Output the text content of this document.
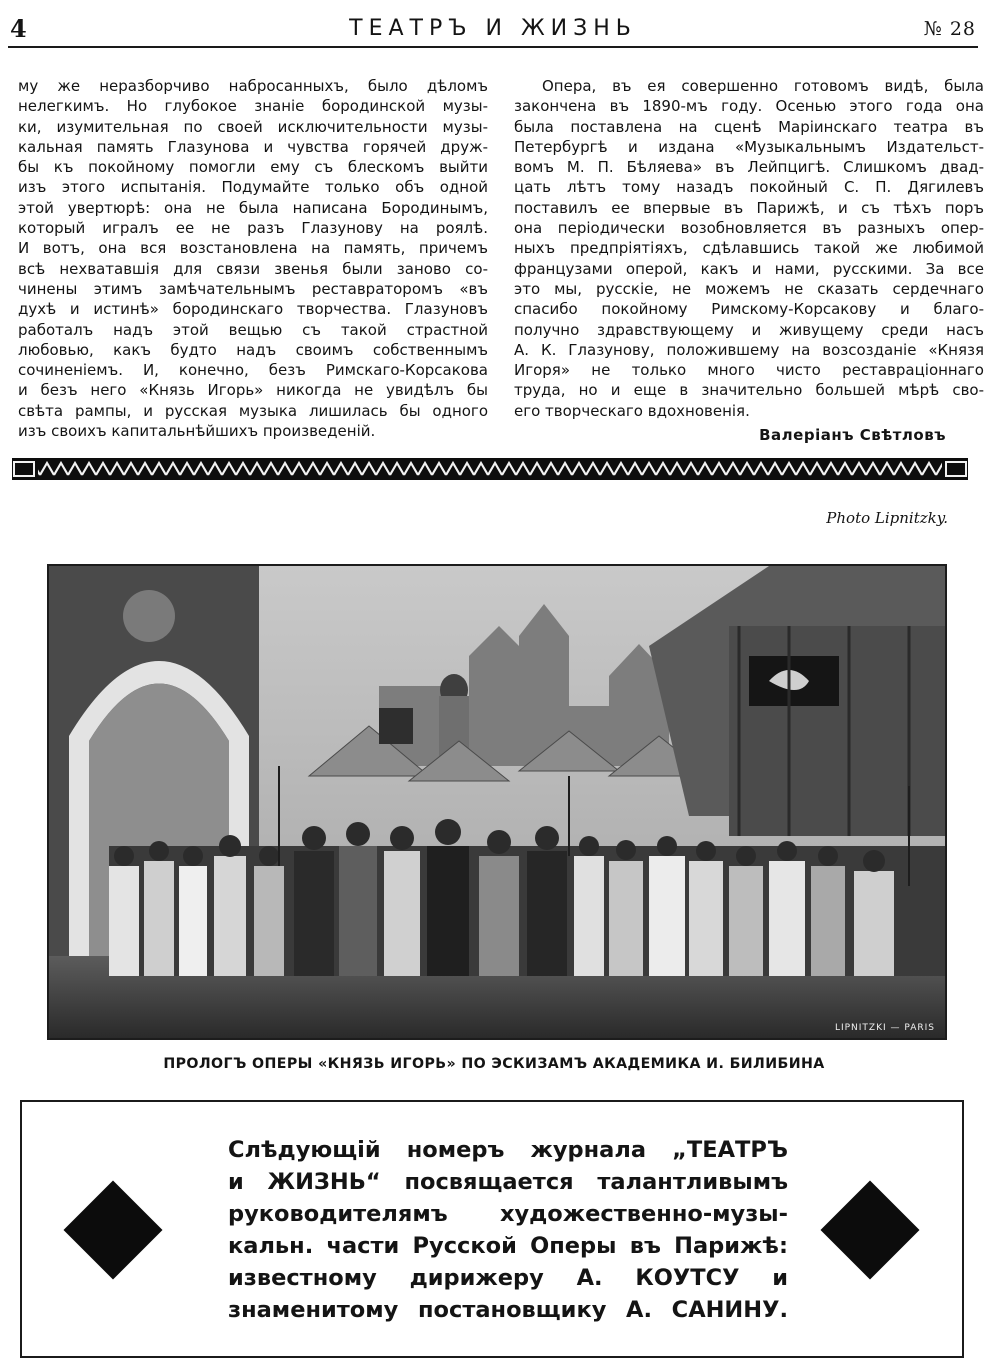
4	ТЕАТРЪ И ЖИЗНЬ	№ 28
му же неразборчиво набросанныхъ, было дѣломъ
нелегкимъ. Но глубокое знаніе бородинской музы-
ки, изумительная по своей исключительности музы-
кальная память Глазунова и чувства горячей друж-
бы къ покойному помогли ему съ блескомъ выйти
изъ этого испытанія. Подумайте только объ одной
этой увертюрѣ: она не была написана Бородинымъ,
который игралъ ее не разъ Глазунову на роялѣ.
И вотъ, она вся возстановлена на память, причемъ
всѣ нехватавшія для связи звенья были заново со-
чинены этимъ замѣчательнымъ реставраторомъ «въ
духѣ и истинѣ» бородинскаго творчества. Глазуновъ
работалъ надъ этой вещью съ такой страстной
любовью, какъ будто надъ своимъ собственнымъ
сочиненіемъ. И, конечно, безъ Римскаго-Корсакова
и безъ него «Князь Игорь» никогда не увидѣлъ бы
свѣта рампы, и русская музыка лишилась бы одного
изъ своихъ капитальнѣйшихъ произведеній.
Опера, въ ея совершенно готовомъ видѣ, была
закончена въ 1890-мъ году. Осенью этого года она
была поставлена на сценѣ Маріинскаго театра въ
Петербургѣ и издана «Музыкальнымъ Издательст-
вомъ М. П. Бѣляева» въ Лейпцигѣ. Слишкомъ двад-
цать лѣтъ тому назадъ покойный С. П. Дягилевъ
поставилъ ее впервые въ Парижѣ, и съ тѣхъ поръ
она періодически возобновляется въ разныхъ опер-
ныхъ предпріятіяхъ, сдѣлавшись такой же любимой
французами оперой, какъ и нами, русскими. За все
это мы, русскіе, не можемъ не сказать сердечнаго
спасибо покойному Римскому-Корсакову и благо-
получно здравствующему и живущему среди насъ
А. К. Глазунову, положившему на возсозданіе «Князя
Игоря» не только много чисто реставраціоннаго
труда, но и еще в значительно большей мѣрѣ сво-
его творческаго вдохновенія.
Валеріанъ Свѣтловъ
Photo Lipnitzky.
LIPNITZKI — PARIS
ПРОЛОГЪ ОПЕРЫ «КНЯЗЬ ИГОРЬ» ПО ЭСКИЗАМЪ АКАДЕМИКА И. БИЛИБИНА
Слѣдующій номеръ журнала „ТЕАТРЪ
и ЖИЗНЬ“ посвящается талантливымъ
руководителямъ художественно-музы-
кальн. части Русской Оперы въ Парижѣ:
известному дирижеру А. КОУТСУ и
знаменитому постановщику А. САНИНУ.
